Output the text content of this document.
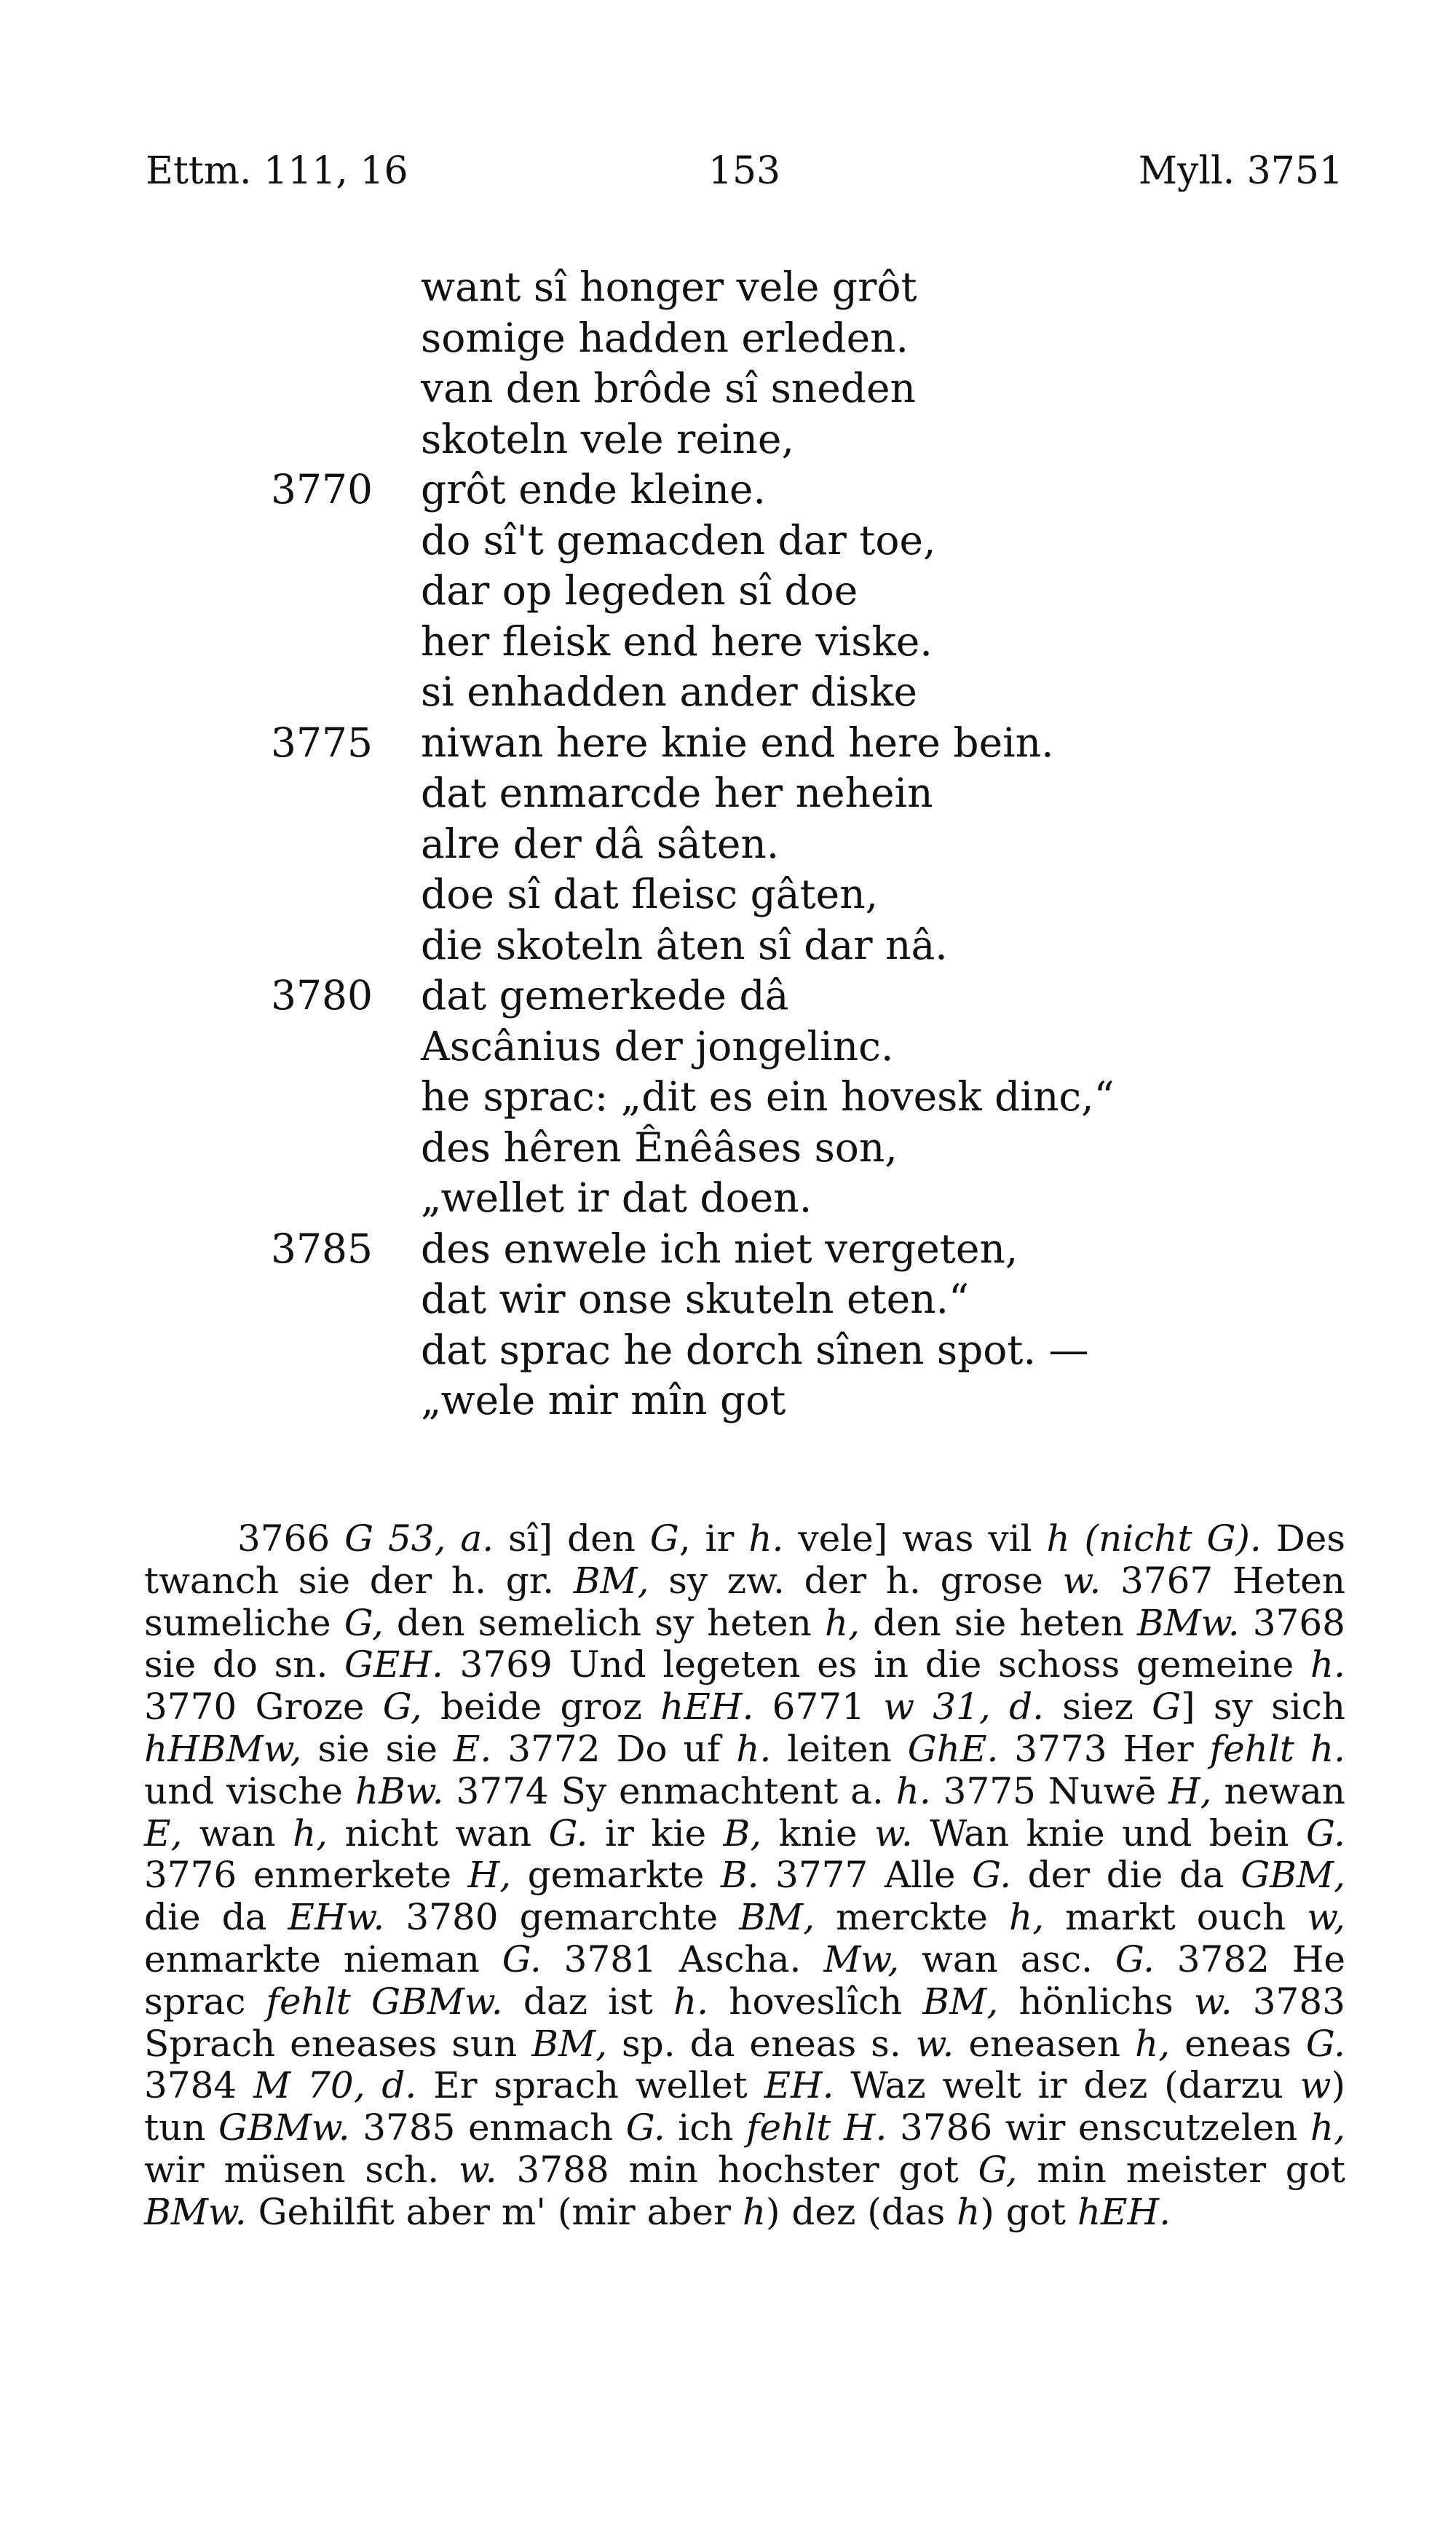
Ettm. 111, 16	153	Myll. 3751
want sî honger vele grôt
somige hadden erleden.
van den brôde sî sneden
skoteln vele reine,
3770 grôt ende kleine.
do sî't gemacden dar toe,
dar op legeden sî doe
her fleisk end here viske.
si enhadden ander diske
3775 niwan here knie end here bein.
dat enmarcde her nehein
alre der dâ sâten.
doe sî dat fleisc gâten,
die skoteln âten sî dar nâ.
3780 dat gemerkede dâ
Ascânius der jongelinc.
he sprac: „dit es ein hovesk dinc,“
des hêren Ênêâses son,
„wellet ir dat doen.
3785 des enwele ich niet vergeten,
dat wir onse skuteln eten.“
dat sprac he dorch sînen spot. —
„wele mir mîn got

3766 G 53, a. sî] den G, ir h. vele] was vil h (nicht G). Des twanch sie der h. gr. BM, sy zw. der h. grose w. 3767 Heten sumeliche G, den semelich sy heten h, den sie heten BMw. 3768 sie do sn. GEH. 3769 Und legeten es in die schoss gemeine h. 3770 Groze G, beide groz hEH. 6771 w 31, d. siez G] sy sich hHBMw, sie sie E. 3772 Do uf h. leiten GhE. 3773 Her fehlt h. und vische hBw. 3774 Sy enmachtent a. h. 3775 Nuwē H, newan E, wan h, nicht wan G. ir kie B, knie w. Wan knie und bein G. 3776 enmerkete H, gemarkte B. 3777 Alle G. der die da GBM, die da EHw. 3780 gemarchte BM, merckte h, markt ouch w, enmarkte nieman G. 3781 Ascha. Mw, wan asc. G. 3782 He sprac fehlt GBMw. daz ist h. hoveslîch BM, hönlichs w. 3783 Sprach eneases sun BM, sp. da eneas s. w. eneasen h, eneas G. 3784 M 70, d. Er sprach wellet EH. Waz welt ir dez (darzu w) tun GBMw. 3785 enmach G. ich fehlt H. 3786 wir enscutzelen h, wir müsen sch. w. 3788 min hochster got G, min meister got BMw. Gehilfit aber m' (mir aber h) dez (das h) got hEH.
